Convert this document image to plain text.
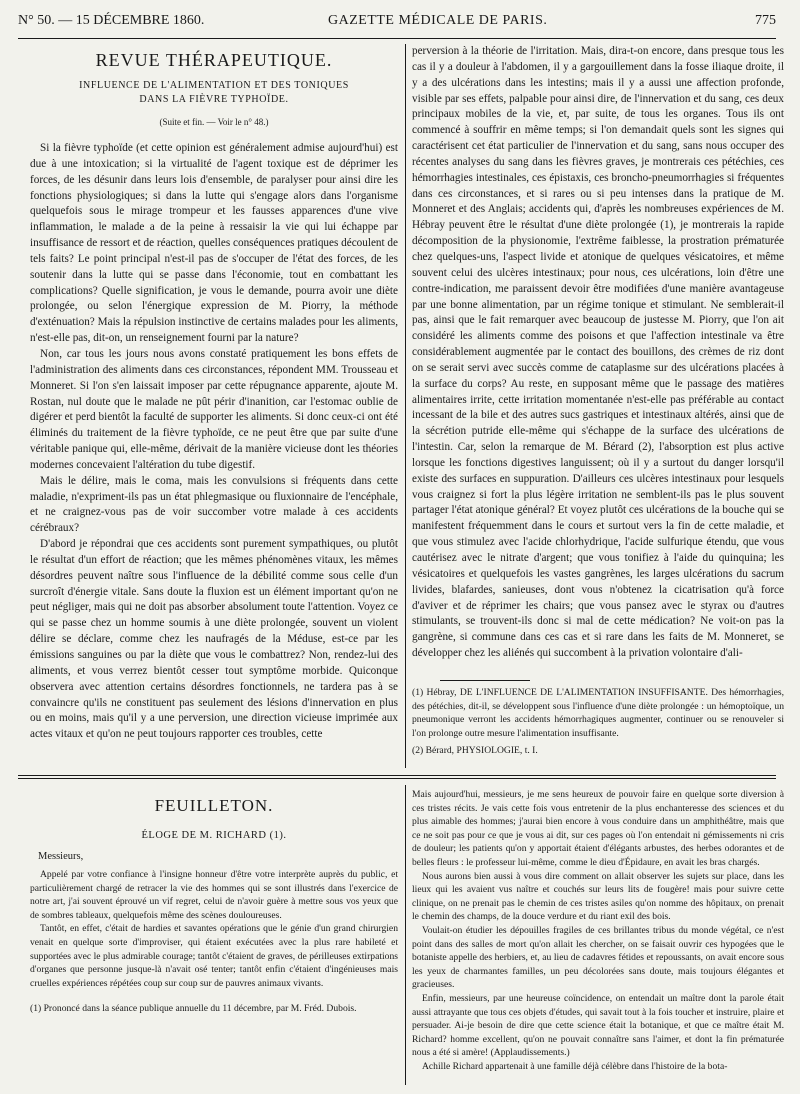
N° 50. — 15 DÉCEMBRE 1860.	GAZETTE MÉDICALE DE PARIS.	775
REVUE THÉRAPEUTIQUE.
INFLUENCE DE L'ALIMENTATION ET DES TONIQUES
DANS LA FIÈVRE TYPHOÏDE.
(Suite et fin. — Voir le n° 48.)

Si la fièvre typhoïde (et cette opinion est généralement admise aujourd'hui) est due à une intoxication; si la virtualité de l'agent toxique est de déprimer les forces, de les désunir dans leurs lois d'ensemble, de paralyser pour ainsi dire les fonctions physiologiques; si dans la lutte qui s'engage alors dans l'organisme quelquefois sous le mirage trompeur et les fausses apparences d'une vive inflammation, le malade a de la peine à ressaisir la vie qui lui échappe par insuffisance de ressort et de réaction, quelles conséquences pratiques découlent de tels faits? Le point principal n'est-il pas de s'occuper de l'état des forces, de les soutenir dans la lutte qui se passe dans l'économie, tout en combattant les complications? Quelle signification, je vous le demande, pourra avoir une diète prolongée, ou selon l'énergique expression de M. Piorry, la méthode d'exténuation? Mais la répulsion instinctive de certains malades pour les aliments, n'est-elle pas, dit-on, un renseignement fourni par la nature?

Non, car tous les jours nous avons constaté pratiquement les bons effets de l'administration des aliments dans ces circonstances, répondent MM. Trousseau et Monneret. Si l'on s'en laissait imposer par cette répugnance apparente, ajoute M. Rostan, nul doute que le malade ne pût périr d'inanition, car l'estomac oublie de digérer et perd bientôt la faculté de supporter les aliments. Si donc ceux-ci ont été éliminés du traitement de la fièvre typhoïde, ce ne peut être que par suite d'une véritable panique qui, elle-même, dérivait de la manière vicieuse dont les théories modernes concevaient l'altération du tube digestif.

Mais le délire, mais le coma, mais les convulsions si fréquents dans cette maladie, n'expriment-ils pas un état phlegmasique ou fluxionnaire de l'encéphale, et ne craignez-vous pas de voir succomber votre malade à ces accidents cérébraux?

D'abord je répondrai que ces accidents sont purement sympathiques, ou plutôt le résultat d'un effort de réaction; que les mêmes phénomènes vitaux, les mêmes désordres peuvent naître sous l'influence de la débilité comme sous celle d'un surcroît d'énergie vitale. Sans doute la fluxion est un élément important qu'on ne peut négliger, mais qui ne doit pas absorber absolument toute l'attention. Voyez ce qui se passe chez un homme soumis à une diète prolongée, souvent un violent délire se déclare, comme chez les naufragés de la Méduse, est-ce par les émissions sanguines ou par la diète que vous le combattrez? Non, rendez-lui des aliments, et vous verrez bientôt cesser tout symptôme morbide. Quiconque observera avec attention certains désordres fonctionnels, ne tardera pas à se convaincre qu'ils ne constituent pas seulement des lésions d'innervation en plus ou en moins, mais qu'il y a une perversion, une direction vicieuse imprimée aux actes vitaux et qu'on ne peut toujours rapporter ces troubles, cette

perversion à la théorie de l'irritation. Mais, dira-t-on encore, dans presque tous les cas il y a douleur à l'abdomen, il y a gargouillement dans la fosse iliaque droite, il y a des ulcérations dans les intestins; mais il y a aussi une affection profonde, visible par ses effets, palpable pour ainsi dire, de l'innervation et du sang, ces deux principaux mobiles de la vie, et, par suite, de tous les organes. Tous ils ont commencé à souffrir en même temps; si l'on demandait quels sont les signes qui caractérisent cet état particulier de l'innervation et du sang, sans nous occuper des récentes analyses du sang dans les fièvres graves, je montrerais ces pétéchies, ces hémorrhagies intestinales, ces épistaxis, ces broncho-pneumorrhagies si fréquentes dans ces circonstances, et si rares ou si peu intenses dans la pratique de M. Monneret et des Anglais; accidents qui, d'après les nombreuses expériences de M. Hébray peuvent être le résultat d'une diète prolongée (1), je montrerais la rapide décomposition de la physionomie, l'extrême faiblesse, la prostration prématurée chez quelques-uns, l'aspect livide et atonique de quelques vésicatoires, et même souvent celui des ulcères intestinaux; pour nous, ces ulcérations, loin d'être une contre-indication, me paraissent devoir être modifiées d'une manière avantageuse par une bonne alimentation, par un régime tonique et stimulant. Ne semblerait-il pas, ainsi que le fait remarquer avec beaucoup de justesse M. Piorry, que l'on ait considéré les aliments comme des poisons et que l'affection intestinale va être considérablement augmentée par le contact des bouillons, des crèmes de riz dont on se serait servi avec succès comme de cataplasme sur des ulcérations placées à la surface du corps? Au reste, en supposant même que le passage des matières alimentaires irrite, cette irritation momentanée n'est-elle pas préférable au contact incessant de la bile et des autres sucs gastriques et intestinaux altérés, ainsi que de la sécrétion putride elle-même qui s'échappe de la surface des ulcérations de l'intestin. Car, selon la remarque de M. Bérard (2), l'absorption est plus active lorsque les fonctions digestives languissent; où il y a surtout du danger lorsqu'il existe des surfaces en suppuration. D'ailleurs ces ulcères intestinaux pour lesquels vous craignez si fort la plus légère irritation ne semblent-ils pas le plus souvent partager l'état atonique général? Et voyez plutôt ces ulcérations de la bouche qui se manifestent fréquemment dans le cours et surtout vers la fin de cette maladie, et que vous stimulez avec l'acide chlorhydrique, l'acide sulfurique étendu, que vous cautérisez avec le nitrate d'argent; que vous tonifiez à l'aide du quinquina; les vésicatoires et quelquefois les vastes gangrènes, les larges ulcérations du sacrum livides, blafardes, sanieuses, dont vous n'obtenez la cicatrisation qu'à force d'aviver et de réprimer les chairs; que vous pansez avec le styrax ou d'autres stimulants, se trouvent-ils donc si mal de cette médication? Ne voit-on pas la gangrène, si commune dans ces cas et si rare dans les faits de M. Monneret, se développer chez les aliénés qui succombent à la privation volontaire d'ali-

(1) Hébray, DE L'INFLUENCE DE L'ALIMENTATION INSUFFISANTE. Des hémorrhagies, des pétéchies, dit-il, se développent sous l'influence d'une diète prolongée : un hémoptoïque, un pneumonique verront les accidents hémorrhagiques augmenter, continuer ou se renouveler si l'on prolonge outre mesure l'alimentation insuffisante.

(2) Bérard, PHYSIOLOGIE, t. I.

FEUILLETON.
ÉLOGE DE M. RICHARD (1).
Messieurs,

Appelé par votre confiance à l'insigne honneur d'être votre interprète auprès du public, et particulièrement chargé de retracer la vie des hommes qui se sont illustrés dans l'exercice de notre art, j'ai souvent éprouvé un vif regret, celui de n'avoir guère à mettre sous vos yeux que de sombres tableaux, quelquefois même des scènes douloureuses.

Tantôt, en effet, c'était de hardies et savantes opérations que le génie d'un grand chirurgien venait en quelque sorte d'improviser, qui étaient exécutées avec la plus rare habileté et supportées avec le plus admirable courage; tantôt c'étaient de graves, de périlleuses extirpations d'organes que personne jusque-là n'avait osé tenter; tantôt enfin c'étaient d'ingénieuses mais cruelles expériences répétées coup sur coup sur de pauvres animaux vivants.

(1) Prononcé dans la séance publique annuelle du 11 décembre, par M. Fréd. Dubois.

Mais aujourd'hui, messieurs, je me sens heureux de pouvoir faire en quelque sorte diversion à ces tristes récits. Je vais cette fois vous entretenir de la plus enchanteresse des sciences et du plus aimable des hommes; j'aurai bien encore à vous conduire dans un amphithéâtre, mais que ce ne soit pas pour ce que je vous ai dit, sur ces pages où l'on entendait ni gémissements ni cris de douleur; les patients qu'on y apportait étaient d'élégants arbustes, des herbes odorantes et de belles fleurs : le professeur lui-même, comme le dieu d'Épidaure, en avait les bras chargés.

Nous aurons bien aussi à vous dire comment on allait observer les sujets sur place, dans les lieux qui les avaient vus naître et couchés sur leurs lits de fougère! mais pour suivre cette clinique, on ne prenait pas le chemin de ces tristes asiles qu'on nomme des hôpitaux, on prenait le chemin des champs, de la douce verdure et du riant exil des bois.

Voulait-on étudier les dépouilles fragiles de ces brillantes tribus du monde végétal, ce n'est point dans des salles de mort qu'on allait les chercher, on se faisait ouvrir ces hypogées que le botaniste appelle des herbiers, et, au lieu de cadavres fétides et repoussants, on avait encore sous les yeux de charmantes familles, un peu décolorées sans doute, mais toujours élégantes et gracieuses.

Enfin, messieurs, par une heureuse coïncidence, on entendait un maître dont la parole était aussi attrayante que tous ces objets d'études, qui savait tout à la fois toucher et instruire, plaire et persuader. Ai-je besoin de dire que cette science était la botanique, et que ce maître était M. Richard? homme excellent, qu'on ne pouvait connaître sans l'aimer, et dont la fin prématurée nous a été si amère! (Applaudissements.)

Achille Richard appartenait à une famille déjà célèbre dans l'histoire de la bota-
